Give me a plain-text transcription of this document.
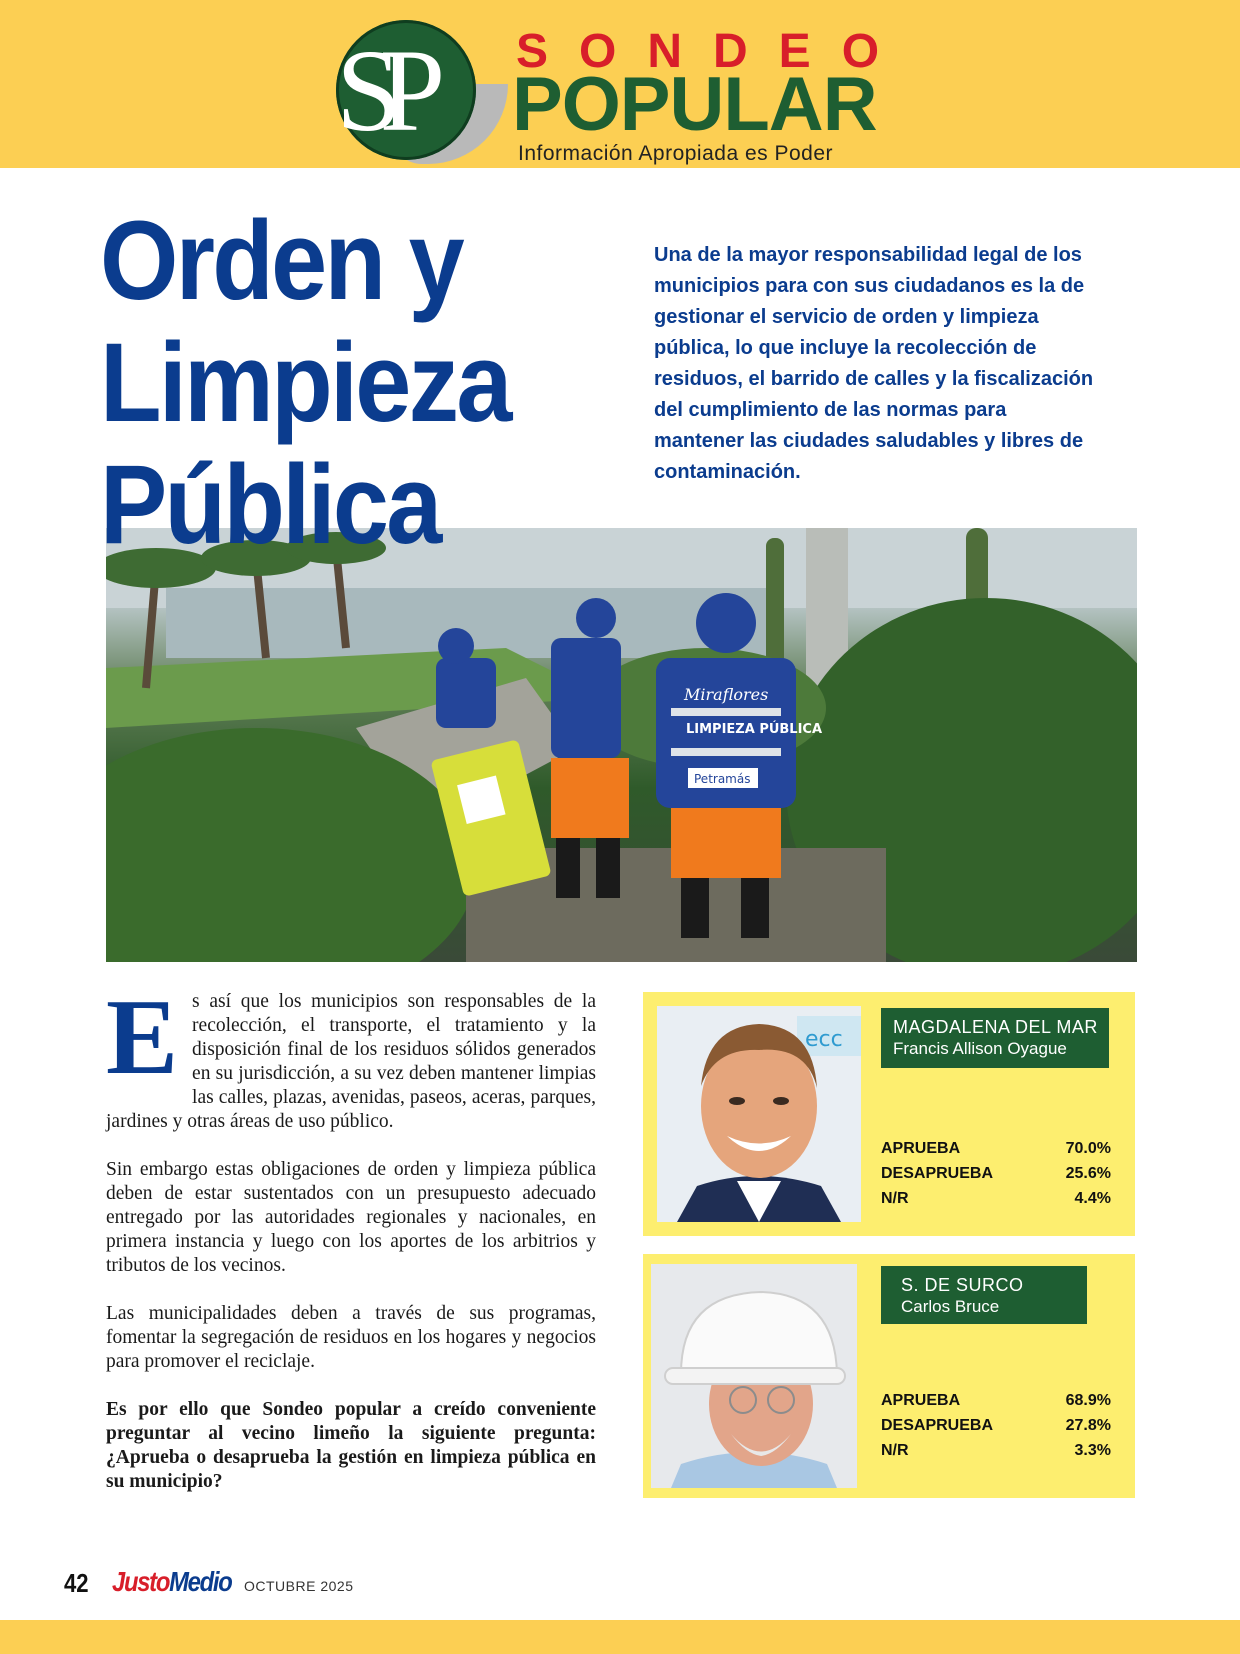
SP	SONDEO
POPULAR
Información Apropiada es Poder
Orden y
Limpieza
Pública
Una de la mayor responsabilidad legal de los municipios para con sus ciudadanos es la de gestionar el servicio de orden y limpieza pública, lo que incluye la recolección de residuos, el barrido de calles y la fiscalización del cumplimiento de las normas para mantener las ciudades saludables y libres de contaminación.
Miraflores
LIMPIEZA PÚBLICA
Petramás

Es así que los municipios son responsables de la recolección, el transporte, el tratamiento y la disposición final de los residuos sólidos generados en su jurisdicción, a su vez deben mantener limpias las calles, plazas, avenidas, paseos, aceras, parques, jardines y otras áreas de uso público.

Sin embargo estas obligaciones de orden y limpieza pública deben de estar sustentados con un presupuesto adecuado entregado por las autoridades regionales y nacionales, en primera instancia y luego con los aportes de los arbitrios y tributos de los vecinos.

Las municipalidades deben a través de sus programas, fomentar la segregación de residuos en los hogares y negocios para promover el reciclaje.

Es por ello que Sondeo popular a creído conveniente preguntar al vecino limeño la siguiente pregunta: ¿Aprueba o desaprueba la gestión en limpieza pública en su municipio?

ecc	MAGDALENA DEL MAR
Francis Allison Oyague
APRUEBA	70.0%
DESAPRUEBA	25.6%
N/R	4.4%
S. DE SURCO
Carlos Bruce
APRUEBA	68.9%
DESAPRUEBA	27.8%
N/R	3.3%
42 JustoMedio OCTUBRE 2025
